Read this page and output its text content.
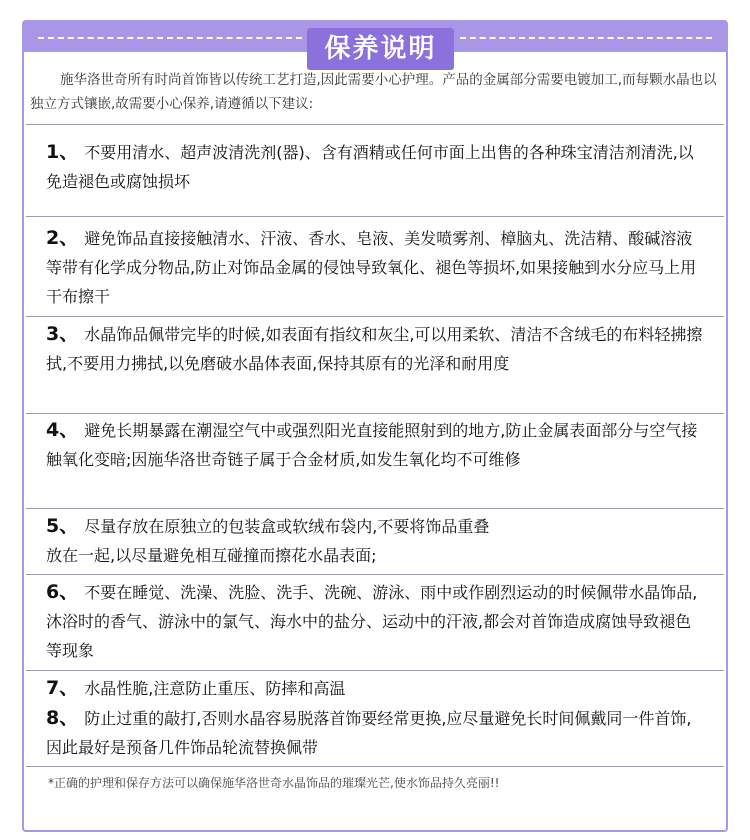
保养说明
施华洛世奇所有时尚首饰皆以传统工艺打造,因此需要小心护理。产品的金属部分需要电镀加工,而每颗水晶也以独立方式镶嵌,故需要小心保养,请遵循以下建议:
1、 不要用清水、超声波清洗剂(器)、含有酒精或任何市面上出售的各种珠宝清洁剂清洗,以免造褪色或腐蚀损坏
2、 避免饰品直接接触清水、汗液、香水、皂液、美发喷雾剂、樟脑丸、洗洁精、酸碱溶液等带有化学成分物品,防止对饰品金属的侵蚀导致氧化、褪色等损坏,如果接触到水分应马上用干布擦干
3、 水晶饰品佩带完毕的时候,如表面有指纹和灰尘,可以用柔软、清洁不含绒毛的布料轻拂擦拭,不要用力拂拭,以免磨破水晶体表面,保持其原有的光泽和耐用度
4、 避免长期暴露在潮湿空气中或强烈阳光直接能照射到的地方,防止金属表面部分与空气接触氧化变暗;因施华洛世奇链子属于合金材质,如发生氧化均不可维修
5、 尽量存放在原独立的包装盒或软绒布袋内,不要将饰品重叠
放在一起,以尽量避免相互碰撞而擦花水晶表面;
6、 不要在睡觉、洗澡、洗脸、洗手、洗碗、游泳、雨中或作剧烈运动的时候佩带水晶饰品,沐浴时的香气、游泳中的氯气、海水中的盐分、运动中的汗液,都会对首饰造成腐蚀导致褪色等现象
7、 水晶性脆,注意防止重压、防摔和高温
8、 防止过重的敲打,否则水晶容易脱落首饰要经常更换,应尽量避免长时间佩戴同一件首饰,因此最好是预备几件饰品轮流替换佩带
*正确的护理和保存方法可以确保施华洛世奇水晶饰品的璀璨光芒,使水饰品持久亮丽!!
